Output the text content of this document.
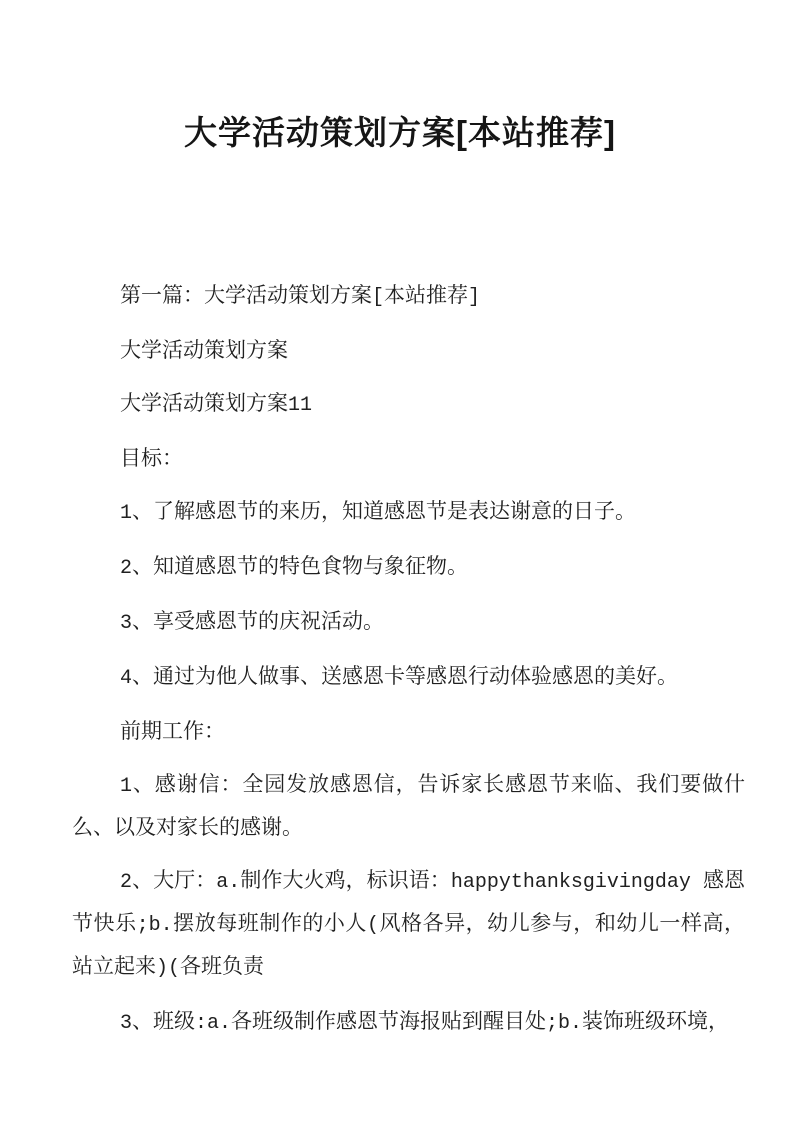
大学活动策划方案[本站推荐]

第一篇：大学活动策划方案[本站推荐]

大学活动策划方案

大学活动策划方案11

目标：

1、了解感恩节的来历，知道感恩节是表达谢意的日子。

2、知道感恩节的特色食物与象征物。

3、享受感恩节的庆祝活动。

4、通过为他人做事、送感恩卡等感恩行动体验感恩的美好。

前期工作：

1、感谢信：全园发放感恩信，告诉家长感恩节来临、我们要做什么、以及对家长的感谢。

2、大厅：a.制作大火鸡，标识语：happythanksgivingday 感恩节快乐;b.摆放每班制作的小人(风格各异，幼儿参与，和幼儿一样高，站立起来)(各班负责

3、班级:a.各班级制作感恩节海报贴到醒目处;b.装饰班级环境，
